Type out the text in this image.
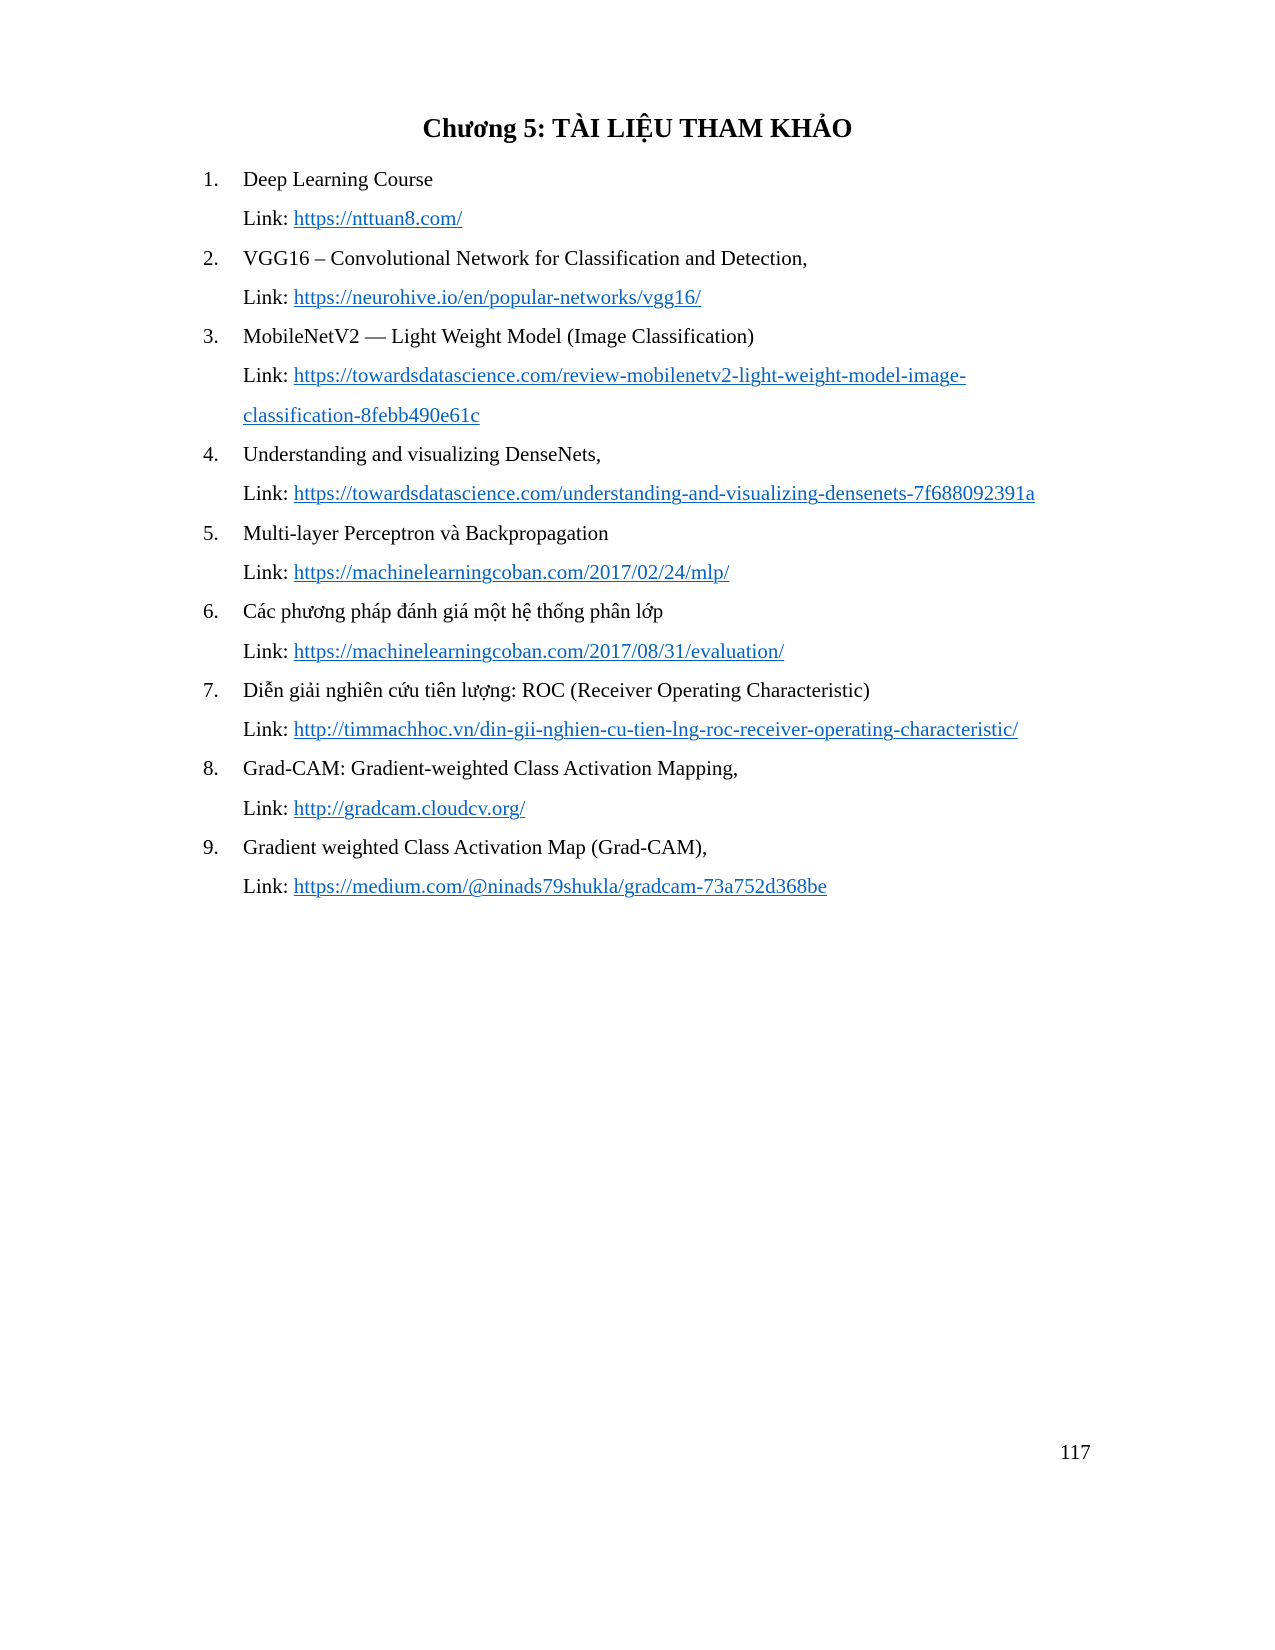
Chương 5: TÀI LIỆU THAM KHẢO
1. Deep Learning Course
Link: https://nttuan8.com/
2. VGG16 – Convolutional Network for Classification and Detection,
Link: https://neurohive.io/en/popular-networks/vgg16/
3. MobileNetV2 — Light Weight Model (Image Classification)
Link: https://towardsdatascience.com/review-mobilenetv2-light-weight-model-image-
classification-8febb490e61c
4. Understanding and visualizing DenseNets,
Link: https://towardsdatascience.com/understanding-and-visualizing-densenets-7f688092391a
5. Multi-layer Perceptron và Backpropagation
Link: https://machinelearningcoban.com/2017/02/24/mlp/
6. Các phương pháp đánh giá một hệ thống phân lớp
Link: https://machinelearningcoban.com/2017/08/31/evaluation/
7. Diễn giải nghiên cứu tiên lượng: ROC (Receiver Operating Characteristic)
Link: http://timmachhoc.vn/din-gii-nghien-cu-tien-lng-roc-receiver-operating-characteristic/
8. Grad-CAM: Gradient-weighted Class Activation Mapping,
Link: http://gradcam.cloudcv.org/
9. Gradient weighted Class Activation Map (Grad-CAM),
Link: https://medium.com/@ninads79shukla/gradcam-73a752d368be
117
